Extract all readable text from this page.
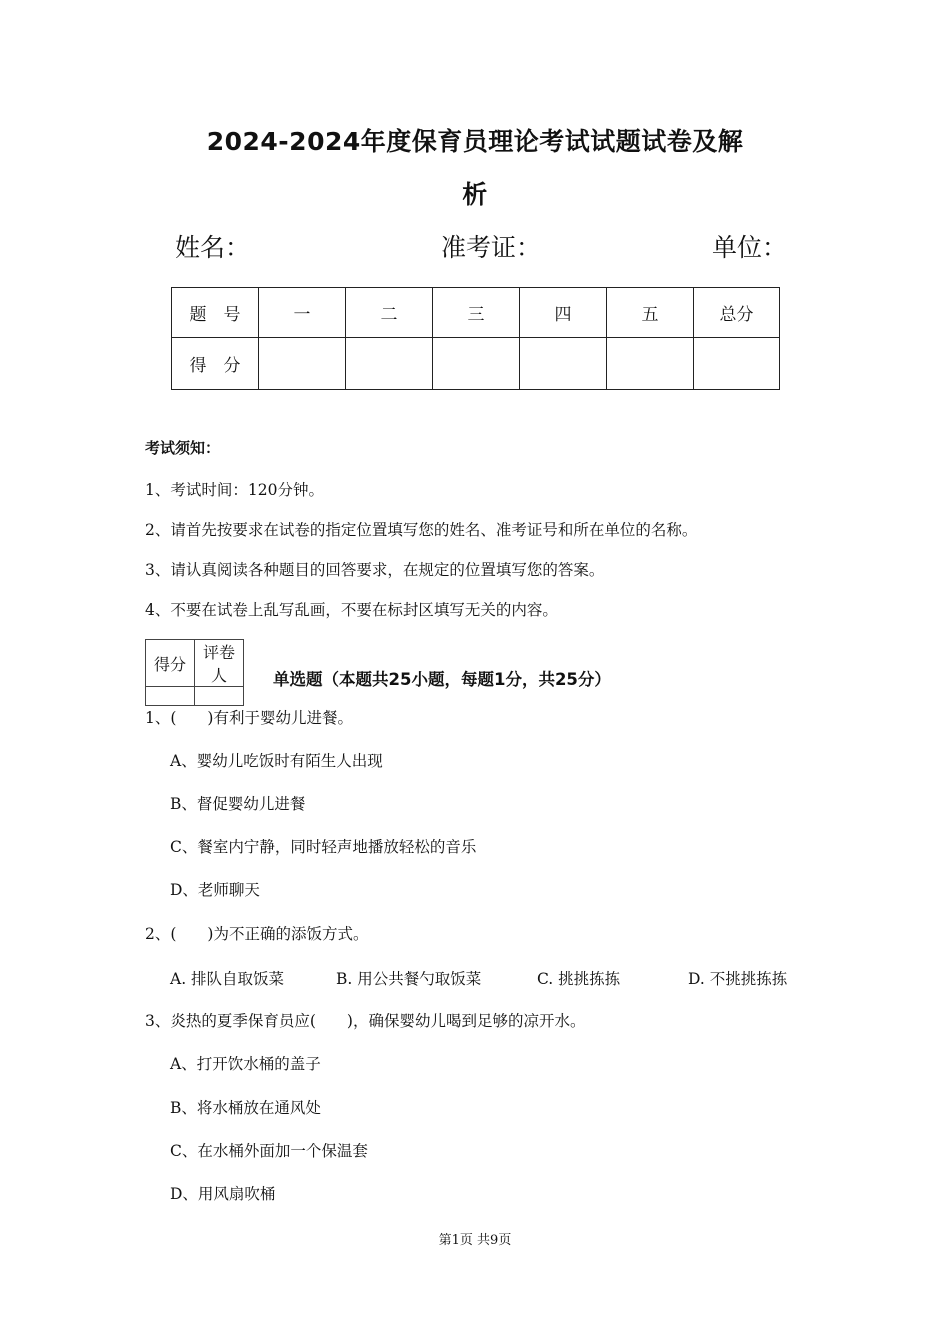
2024-2024年度保育员理论考试试题试卷及解
析
姓名：	准考证：	单位：
题　号	一	二	三	四	五	总分
得　分						
考试须知：
1、考试时间：120分钟。
2、请首先按要求在试卷的指定位置填写您的姓名、准考证号和所在单位的名称。
3、请认真阅读各种题目的回答要求，在规定的位置填写您的答案。
4、不要在试卷上乱写乱画，不要在标封区填写无关的内容。
得分	评卷人
		单选题（本题共25小题，每题1分，共25分）
1、(　　)有利于婴幼儿进餐。
A、婴幼儿吃饭时有陌生人出现
B、督促婴幼儿进餐
C、餐室内宁静，同时轻声地播放轻松的音乐
D、老师聊天
2、(　　)为不正确的添饭方式。
A. 排队自取饭菜	B. 用公共餐勺取饭菜	C. 挑挑拣拣	D. 不挑挑拣拣
3、炎热的夏季保育员应(　　)，确保婴幼儿喝到足够的凉开水。
A、打开饮水桶的盖子
B、将水桶放在通风处
C、在水桶外面加一个保温套
D、用风扇吹桶
第1页 共9页
